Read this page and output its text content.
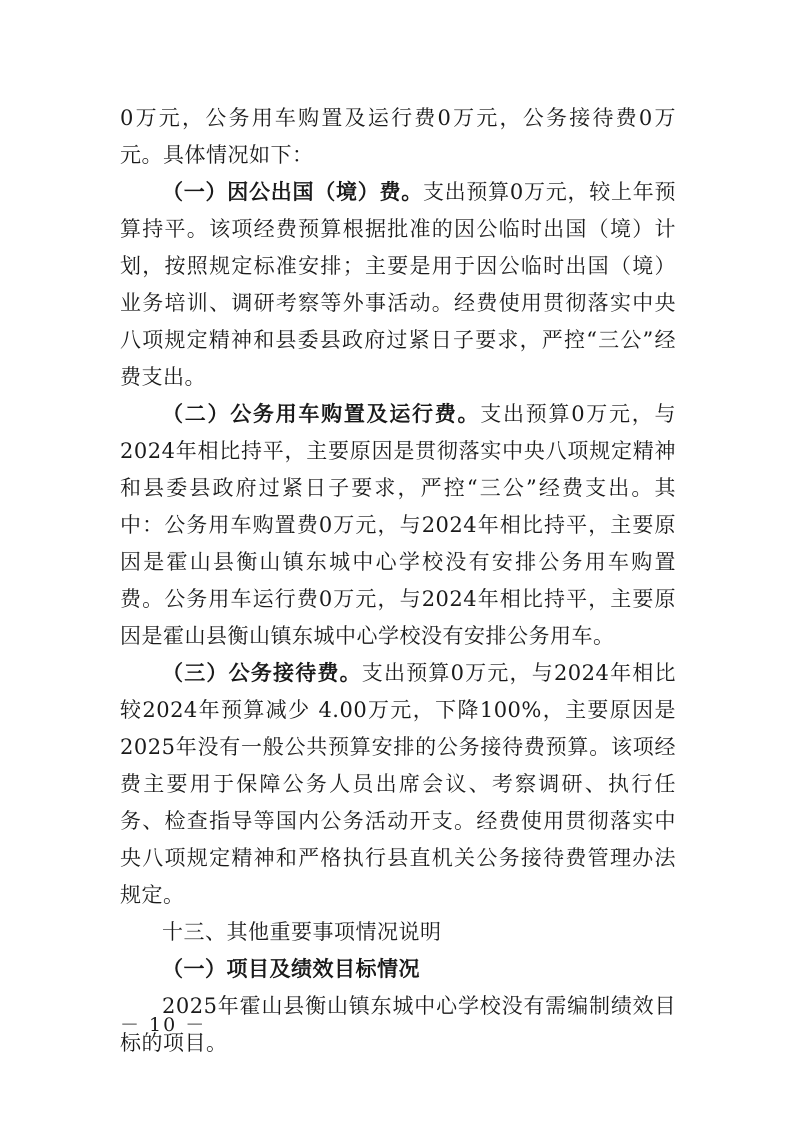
0万元，公务用车购置及运行费0万元，公务接待费0万元。具体情况如下：

（一）因公出国（境）费。支出预算0万元，较上年预算持平。该项经费预算根据批准的因公临时出国（境）计划，按照规定标准安排；主要是用于因公临时出国（境）业务培训、调研考察等外事活动。经费使用贯彻落实中央八项规定精神和县委县政府过紧日子要求，严控“三公”经费支出。

（二）公务用车购置及运行费。支出预算0万元，与2024年相比持平，主要原因是贯彻落实中央八项规定精神和县委县政府过紧日子要求，严控“三公”经费支出。其中：公务用车购置费0万元，与2024年相比持平，主要原因是霍山县衡山镇东城中心学校没有安排公务用车购置费。公务用车运行费0万元，与2024年相比持平，主要原因是霍山县衡山镇东城中心学校没有安排公务用车。

（三）公务接待费。支出预算0万元，与2024年相比较2024年预算减少 4.00万元，下降100%，主要原因是2025年没有一般公共预算安排的公务接待费预算。该项经费主要用于保障公务人员出席会议、考察调研、执行任务、检查指导等国内公务活动开支。经费使用贯彻落实中央八项规定精神和严格执行县直机关公务接待费管理办法规定。

十三、其他重要事项情况说明

（一）项目及绩效目标情况

2025年霍山县衡山镇东城中心学校没有需编制绩效目标的项目。

－ 10 －
